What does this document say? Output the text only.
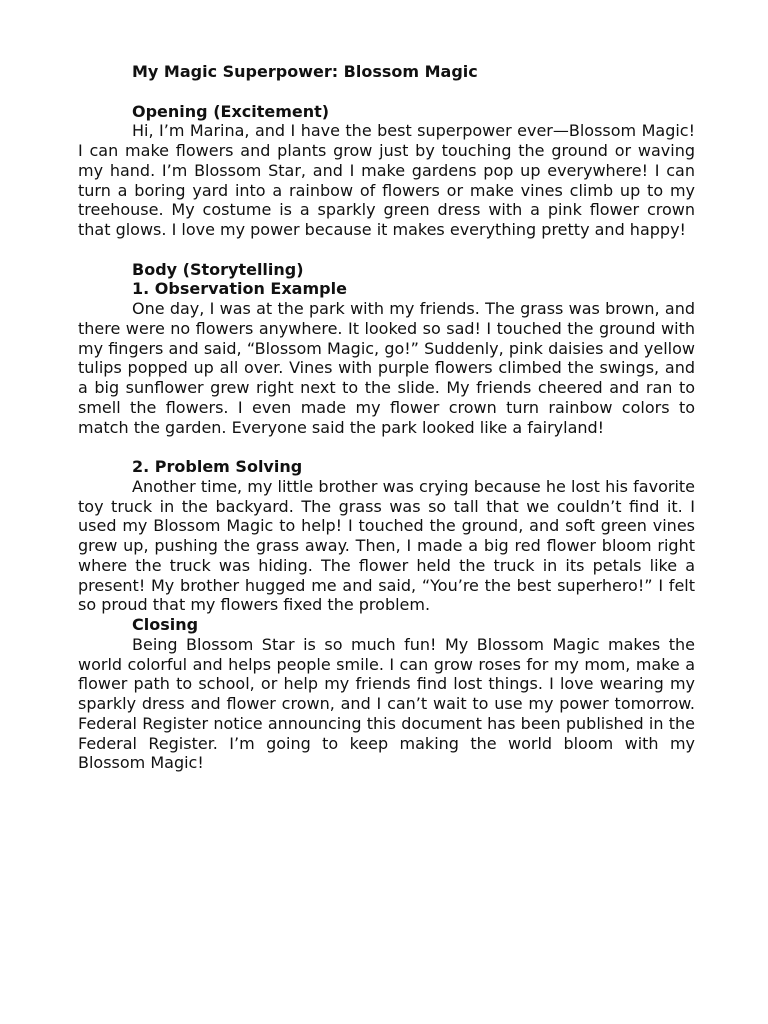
My Magic Superpower: Blossom Magic
Opening (Excitement)

Hi, I’m Marina, and I have the best superpower ever—Blossom Magic! I can make flowers and plants grow just by touching the ground or waving my hand. I’m Blossom Star, and I make gardens pop up everywhere! I can turn a boring yard into a rainbow of flowers or make vines climb up to my treehouse. My costume is a sparkly green dress with a pink flower crown that glows. I love my power because it makes everything pretty and happy!

Body (Storytelling)
1. Observation Example

One day, I was at the park with my friends. The grass was brown, and there were no flowers anywhere. It looked so sad! I touched the ground with my fingers and said, “Blossom Magic, go!” Suddenly, pink daisies and yellow tulips popped up all over. Vines with purple flowers climbed the swings, and a big sunflower grew right next to the slide. My friends cheered and ran to smell the flowers. I even made my flower crown turn rainbow colors to match the garden. Everyone said the park looked like a fairyland!

2. Problem Solving

Another time, my little brother was crying because he lost his favorite toy truck in the backyard. The grass was so tall that we couldn’t find it. I used my Blossom Magic to help! I touched the ground, and soft green vines grew up, pushing the grass away. Then, I made a big red flower bloom right where the truck was hiding. The flower held the truck in its petals like a present! My brother hugged me and said, “You’re the best superhero!” I felt so proud that my flowers fixed the problem.

Closing

Being Blossom Star is so much fun! My Blossom Magic makes the world colorful and helps people smile. I can grow roses for my mom, make a flower path to school, or help my friends find lost things. I love wearing my sparkly dress and flower crown, and I can’t wait to use my power tomorrow. Federal Register notice announcing this document has been published in the Federal Register. I’m going to keep making the world bloom with my Blossom Magic!
